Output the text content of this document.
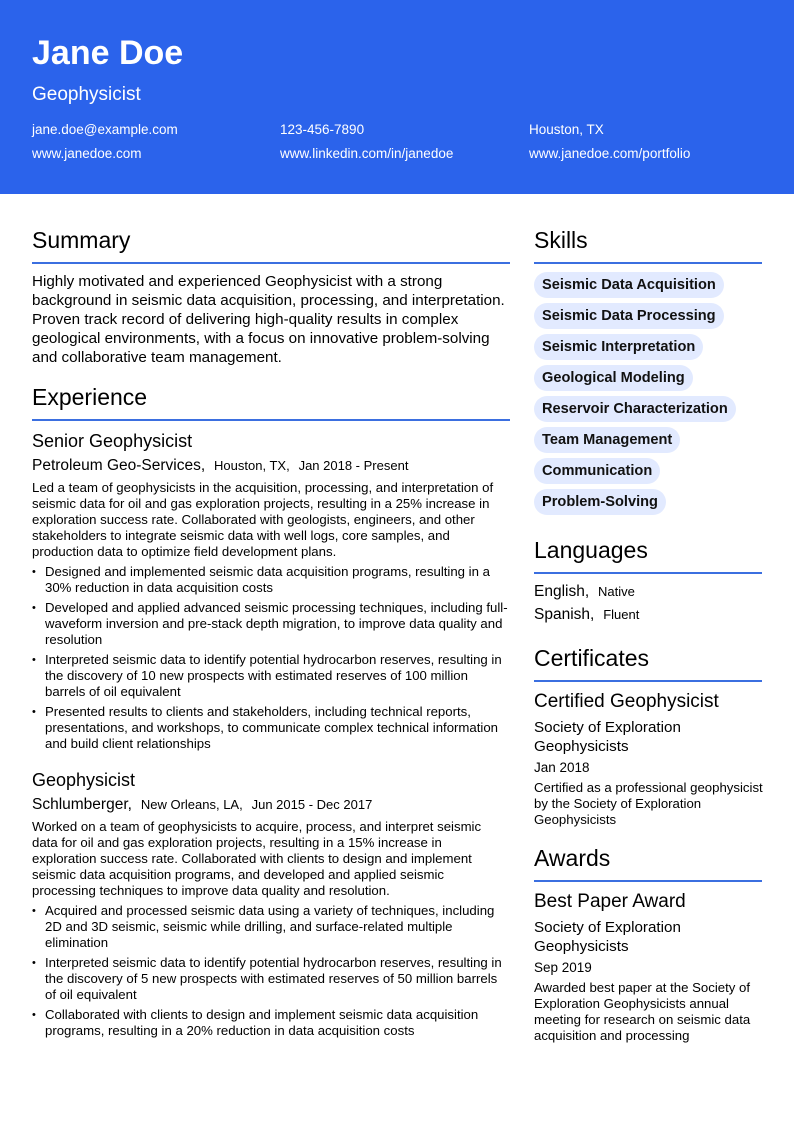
Jane Doe
Geophysicist
jane.doe@example.com	123-456-7890	Houston, TX
www.janedoe.com	www.linkedin.com/in/janedoe	www.janedoe.com/portfolio
Summary
Highly motivated and experienced Geophysicist with a strong background in seismic data acquisition, processing, and interpretation. Proven track record of delivering high-quality results in complex geological environments, with a focus on innovative problem-solving and collaborative team management.
Experience
Senior Geophysicist
Petroleum Geo-Services, Houston, TX, Jan 2018 - Present
Led a team of geophysicists in the acquisition, processing, and interpretation of seismic data for oil and gas exploration projects, resulting in a 25% increase in exploration success rate. Collaborated with geologists, engineers, and other stakeholders to integrate seismic data with well logs, core samples, and production data to optimize field development plans.
• Designed and implemented seismic data acquisition programs, resulting in a 30% reduction in data acquisition costs
• Developed and applied advanced seismic processing techniques, including full-waveform inversion and pre-stack depth migration, to improve data quality and resolution
• Interpreted seismic data to identify potential hydrocarbon reserves, resulting in the discovery of 10 new prospects with estimated reserves of 100 million barrels of oil equivalent
• Presented results to clients and stakeholders, including technical reports, presentations, and workshops, to communicate complex technical information and build client relationships
Geophysicist
Schlumberger, New Orleans, LA, Jun 2015 - Dec 2017
Worked on a team of geophysicists to acquire, process, and interpret seismic data for oil and gas exploration projects, resulting in a 15% increase in exploration success rate. Collaborated with clients to design and implement seismic data acquisition programs, and developed and applied seismic processing techniques to improve data quality and resolution.
• Acquired and processed seismic data using a variety of techniques, including 2D and 3D seismic, seismic while drilling, and surface-related multiple elimination
• Interpreted seismic data to identify potential hydrocarbon reserves, resulting in the discovery of 5 new prospects with estimated reserves of 50 million barrels of oil equivalent
• Collaborated with clients to design and implement seismic data acquisition programs, resulting in a 20% reduction in data acquisition costs
Skills
Seismic Data Acquisition
Seismic Data Processing
Seismic Interpretation
Geological Modeling
Reservoir Characterization
Team Management
Communication
Problem-Solving
Languages
English, Native
Spanish, Fluent
Certificates
Certified Geophysicist
Society of Exploration Geophysicists
Jan 2018
Certified as a professional geophysicist by the Society of Exploration Geophysicists
Awards
Best Paper Award
Society of Exploration Geophysicists
Sep 2019
Awarded best paper at the Society of Exploration Geophysicists annual meeting for research on seismic data acquisition and processing
